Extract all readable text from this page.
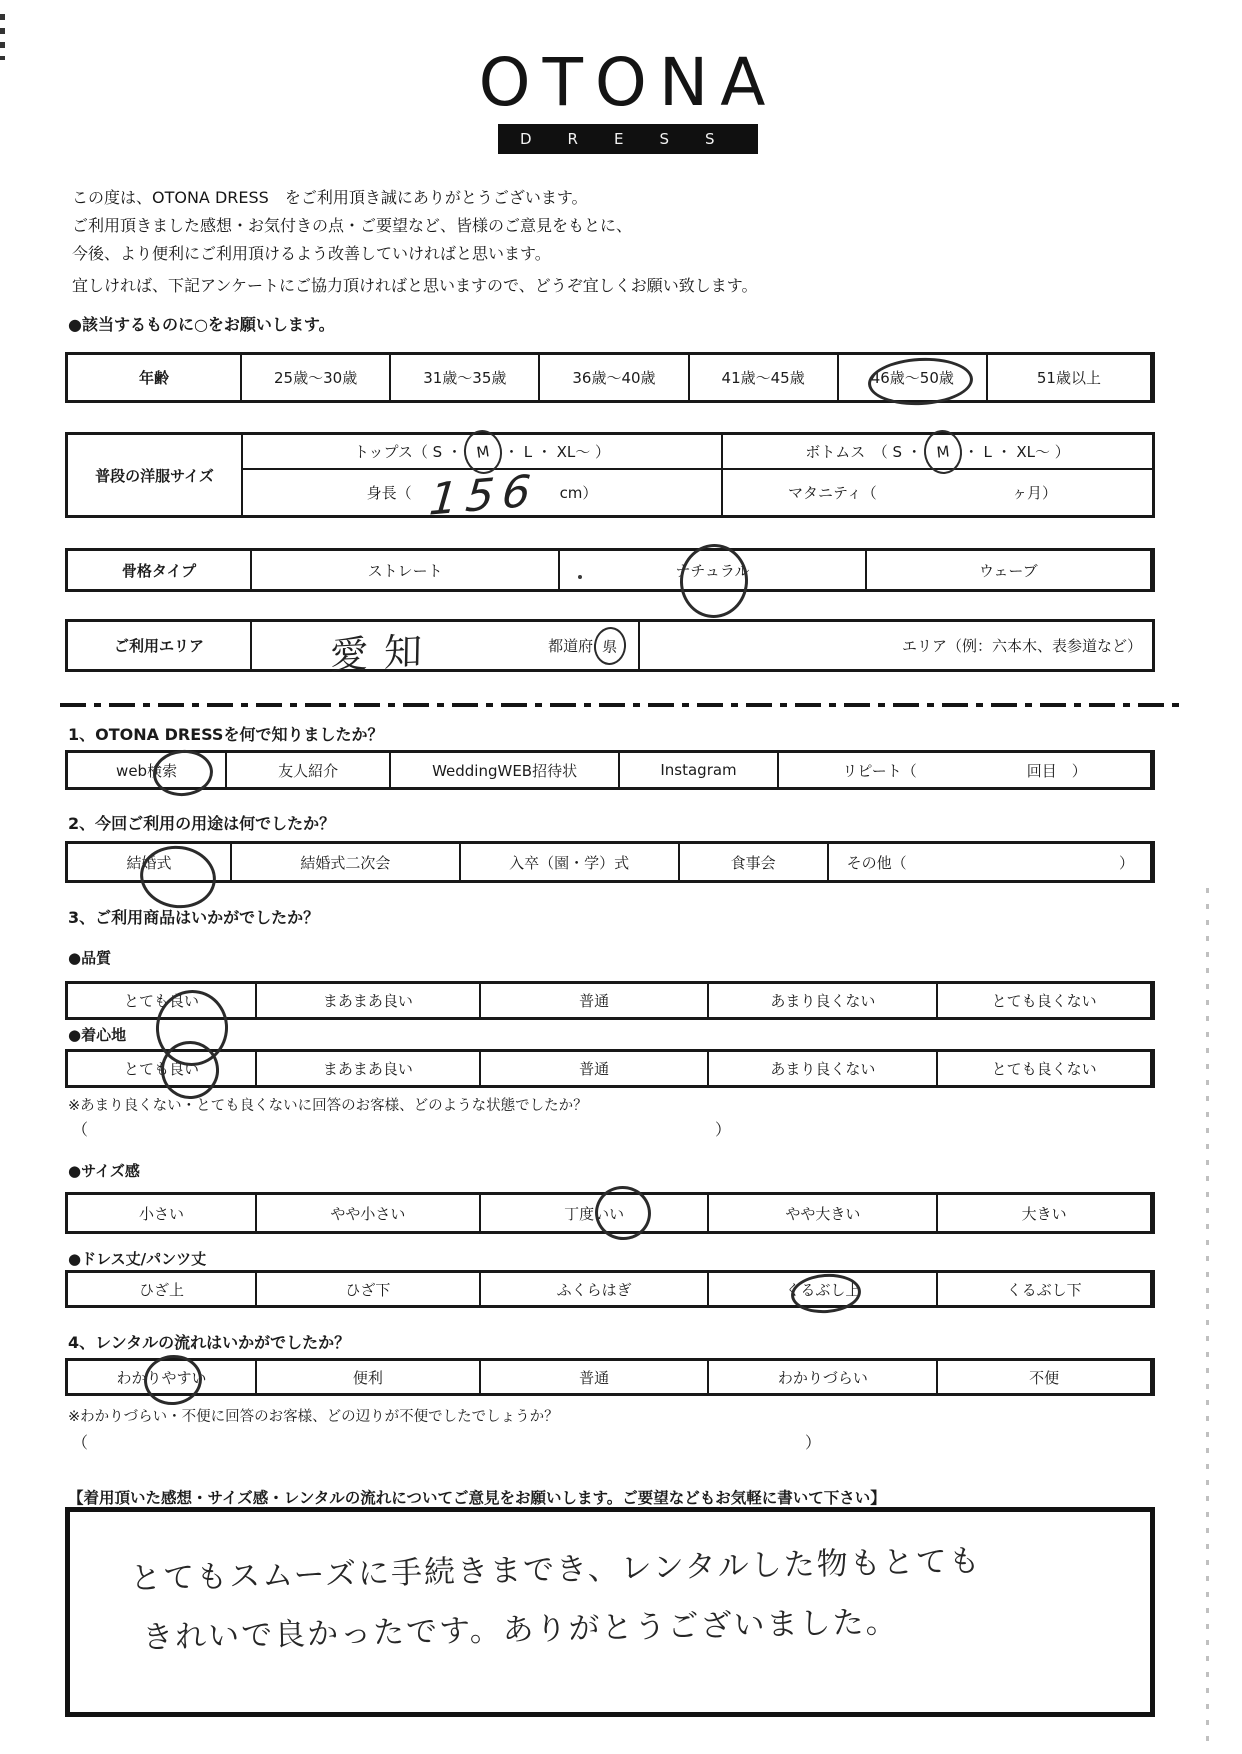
OTONA
DRESS
この度は、OTONA DRESS　をご利用頂き誠にありがとうございます。
ご利用頂きました感想・お気付きの点・ご要望など、皆様のご意見をもとに、
今後、より便利にご利用頂けるよう改善していければと思います。
宜しければ、下記アンケートにご協力頂ければと思いますので、どうぞ宜しくお願い致します。
●該当するものに○をお願いします。
年齢	25歳～30歳	31歳～35歳	36歳～40歳	41歳～45歳	46歳～50歳	51歳以上
普段の洋服サイズ
トップス（ S ・ M ・ L ・ XL～ ）	ボトムス　（ S ・ M ・ L ・ XL～ ）
身長（ 156 cm）	マタニティ（	ヶ月）
骨格タイプ	ストレート	ナチュラル	ウェーブ
ご利用エリア	愛知	都道府 県	エリア（例：六本木、表参道など）
1、OTONA DRESSを何で知りましたか？
web検索	友人紹介	WeddingWEB招待状	Instagram	リピート（	回目　）
2、今回ご利用の用途は何でしたか？
結婚式	結婚式二次会	入卒（園・学）式	食事会	その他（	）
3、ご利用商品はいかがでしたか？
●品質
とても良い	まあまあ良い	普通	あまり良くない	とても良くない
●着心地
とても良い	まあまあ良い	普通	あまり良くない	とても良くない
※あまり良くない・とても良くないに回答のお客様、どのような状態でしたか？
（	）
●サイズ感
小さい	やや小さい	丁度いい	やや大きい	大きい
●ドレス丈/パンツ丈
ひざ上	ひざ下	ふくらはぎ	くるぶし上	くるぶし下
4、レンタルの流れはいかがでしたか？
わかりやすい	便利	普通	わかりづらい	不便
※わかりづらい・不便に回答のお客様、どの辺りが不便でしたでしょうか？
（	）
【着用頂いた感想・サイズ感・レンタルの流れについてご意見をお願いします。ご要望などもお気軽に書いて下さい】
とてもスムーズに手続きまでき、レンタルした物もとても
きれいで良かったです。ありがとうございました。
